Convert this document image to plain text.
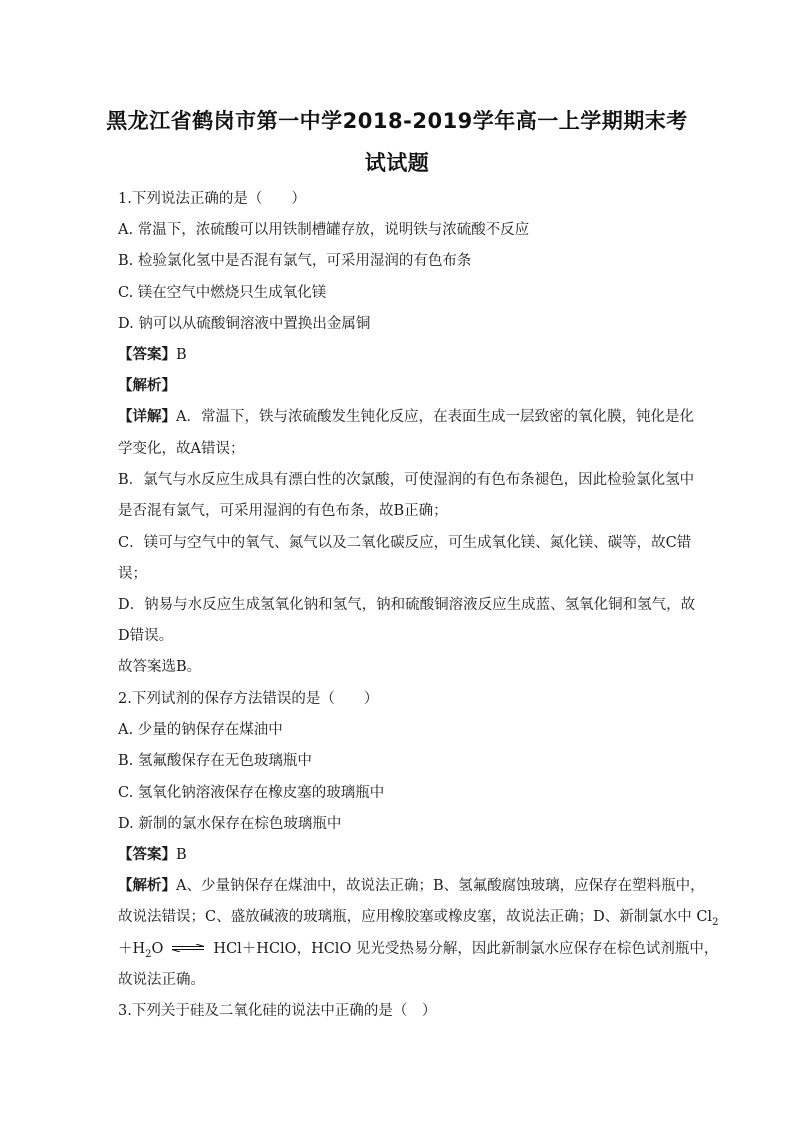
黑龙江省鹤岗市第一中学2018-2019学年高一上学期期末考
试试题
1.下列说法正确的是（　　）
A. 常温下，浓硫酸可以用铁制槽罐存放，说明铁与浓硫酸不反应
B. 检验氯化氢中是否混有氯气，可采用湿润的有色布条
C. 镁在空气中燃烧只生成氧化镁
D. 钠可以从硫酸铜溶液中置换出金属铜
【答案】B
【解析】
【详解】A．常温下，铁与浓硫酸发生钝化反应，在表面生成一层致密的氧化膜，钝化是化
学变化，故A错误；
B．氯气与水反应生成具有漂白性的次氯酸，可使湿润的有色布条褪色，因此检验氯化氢中
是否混有氯气，可采用湿润的有色布条，故B正确；
C．镁可与空气中的氧气、氮气以及二氧化碳反应，可生成氧化镁、氮化镁、碳等，故C错
误；
D．钠易与水反应生成氢氧化钠和氢气，钠和硫酸铜溶液反应生成蓝、氢氧化铜和氢气，故
D错误。
故答案选B。
2.下列试剂的保存方法错误的是（　　）
A. 少量的钠保存在煤油中
B. 氢氟酸保存在无色玻璃瓶中
C. 氢氧化钠溶液保存在橡皮塞的玻璃瓶中
D. 新制的氯水保存在棕色玻璃瓶中
【答案】B
【解析】A、少量钠保存在煤油中，故说法正确；B、氢氟酸腐蚀玻璃，应保存在塑料瓶中，
故说法错误；C、盛放碱液的玻璃瓶，应用橡胶塞或橡皮塞，故说法正确；D、新制氯水中 $Cl_2$
$+H_2O$ ⇌ HCl＋HClO，HClO 见光受热易分解，因此新制氯水应保存在棕色试剂瓶中，
故说法正确。
3.下列关于硅及二氧化硅的说法中正确的是（　）
